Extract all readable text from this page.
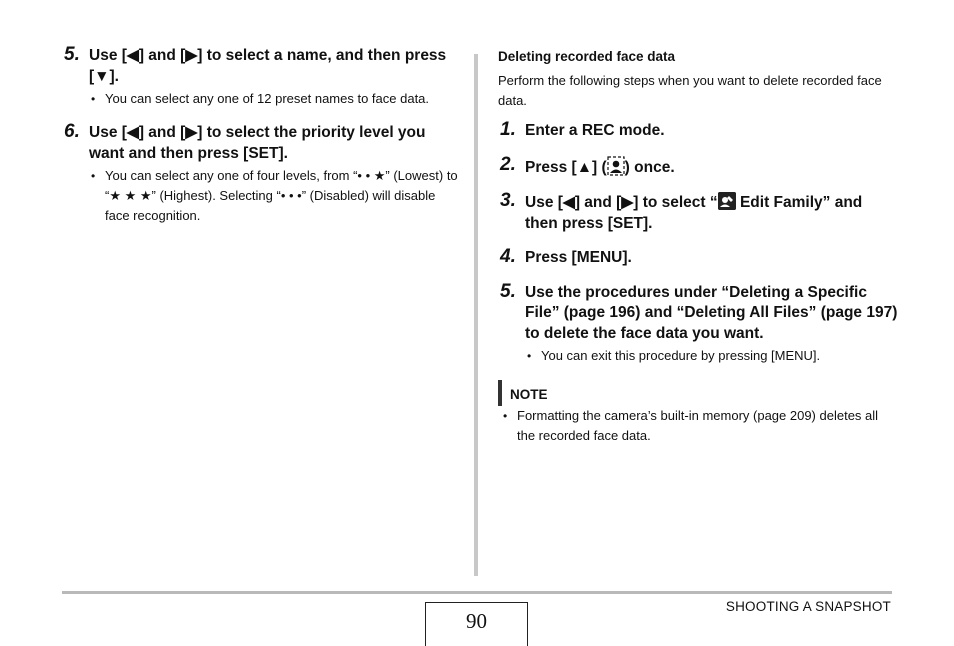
5. Use [◀] and [▶] to select a name, and then press [▼].
• You can select any one of 12 preset names to face data.
6. Use [◀] and [▶] to select the priority level you want and then press [SET].
• You can select any one of four levels, from “• • ★” (Lowest) to “★ ★ ★” (Highest). Selecting “• • •” (Disabled) will disable face recognition.
Deleting recorded face data
Perform the following steps when you want to delete recorded face data.
1. Enter a REC mode.
2. Press [▲] ( ) once.
3. Use [◀] and [▶] to select “ Edit Family” and then press [SET].
4. Press [MENU].
5. Use the procedures under “Deleting a Specific File” (page 196) and “Deleting All Files” (page 197) to delete the face data you want.
• You can exit this procedure by pressing [MENU].
NOTE
• Formatting the camera’s built-in memory (page 209) deletes all the recorded face data.
90
SHOOTING A SNAPSHOT
